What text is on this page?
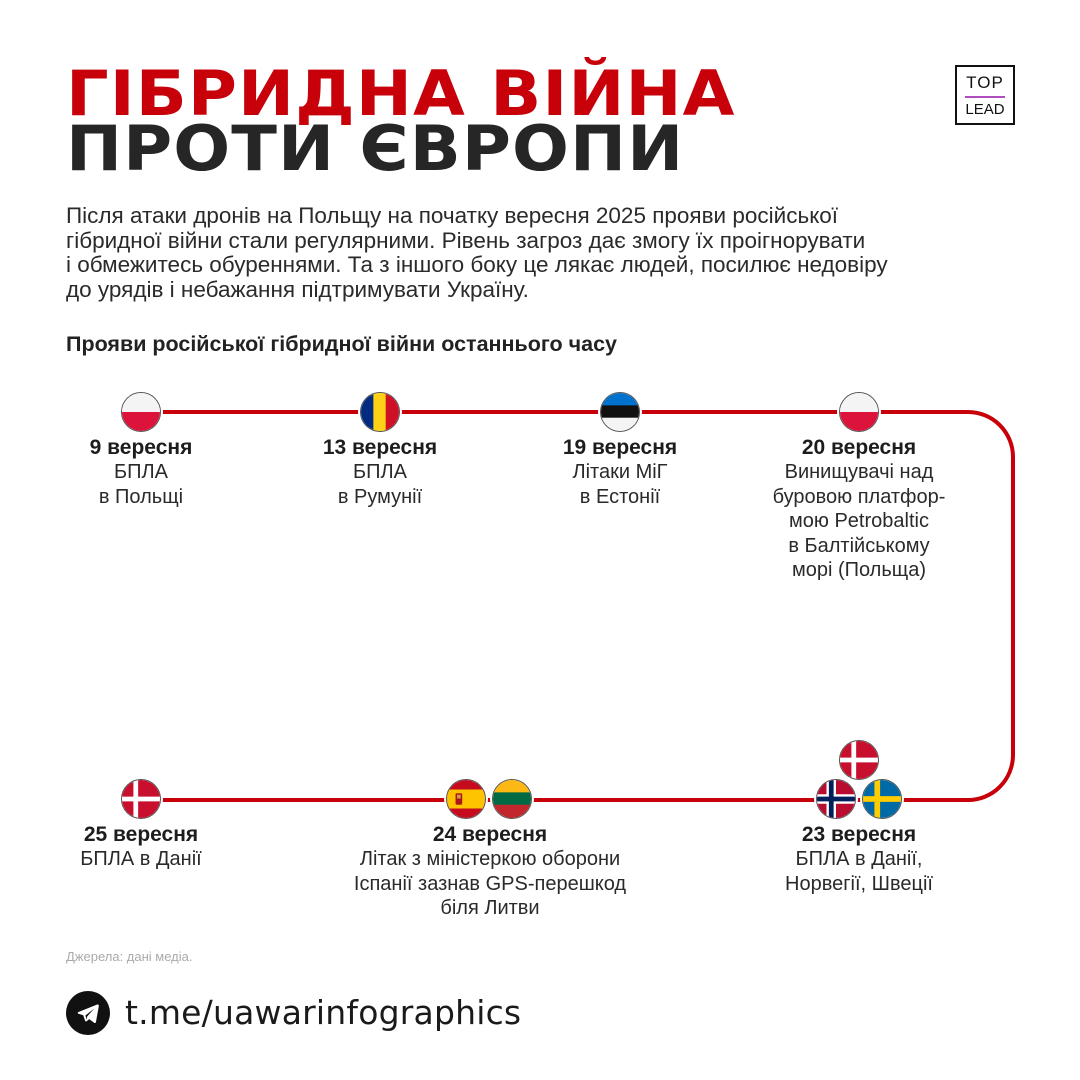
ГІБРИДНА ВІЙНА
ПРОТИ ЄВРОПИ
TOP
LEAD
Після атаки дронів на Польщу на початку вересня 2025 прояви російської
гібридної війни стали регулярними. Рівень загроз дає змогу їх проігнорувати
і обмежитесь обуреннями. Та з іншого боку це лякає людей, посилює недовіру
до урядів і небажання підтримувати Україну.
Прояви російської гібридної війни останнього часу
9 вересня
БПЛА
в Польщі
13 вересня
БПЛА
в Румунії
19 вересня
Літаки МіГ
в Естонії
20 вересня
Винищувачі над
буровою платфор-
мою Petrobaltic
в Балтійському
морі (Польща)
23 вересня
БПЛА в Данії,
Норвегії, Швеції
24 вересня
Літак з міністеркою оборони
Іспанії зазнав GPS-перешкод
біля Литви
25 вересня
БПЛА в Данії
Джерела: дані медіа.
t.me/uawarinfographics
